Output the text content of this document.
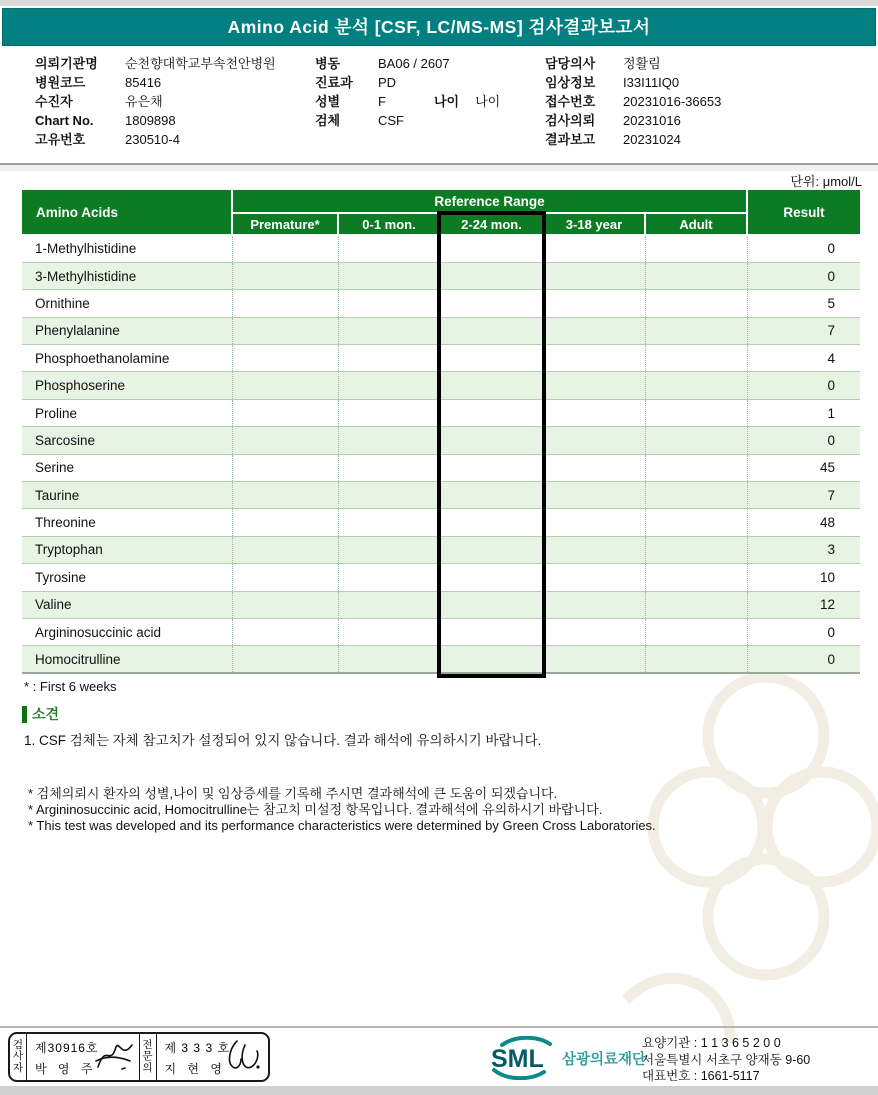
Amino Acid 분석 [CSF, LC/MS-MS] 검사결과보고서
의뢰기관명 순천향대학교부속천안병원
병원코드	85416
수진자	유은채
Chart No. 1809898
고유번호	230510-4
병동	BA06 / 2607
진료과 PD
성별	F	나이 나이
검체	CSF
담당의사 정활림
임상정보 I33I11IQ0
접수번호 20231016-36653
검사의뢰 20231016
결과보고 20231024
단위: μmol/L
Amino Acids	Reference Range					Result
	Premature*	0-1 mon.	2-24 mon.	3-18 year	Adult	
1-Methylhistidine						0
3-Methylhistidine						0
Ornithine						5
Phenylalanine						7
Phosphoethanolamine						4
Phosphoserine						0
Proline						1
Sarcosine						0
Serine						45
Taurine						7
Threonine						48
Tryptophan						3
Tyrosine						10
Valine						12
Argininosuccinic acid						0
Homocitrulline						0
* : First 6 weeks
소견
1. CSF 검체는 자체 참고치가 설정되어 있지 않습니다. 결과 해석에 유의하시기 바랍니다.
* 검체의뢰시 환자의 성별,나이 및 임상증세를 기록해 주시면 결과해석에 큰 도움이 되겠습니다.
* Argininosuccinic acid, Homocitrulline는 참고치 미설정 항목입니다. 결과해석에 유의하시기 바랍니다.
* This test was developed and its performance characteristics were determined by Green Cross Laboratories.
검사자
제30916호
박 영 주
전문의
제 3 3 3 호
지 현 영	SML 삼광의료재단
요양기관 : 1 1 3 6 5 2 0 0
서울특별시 서초구 양재동 9-60
대표번호 : 1661-5117
